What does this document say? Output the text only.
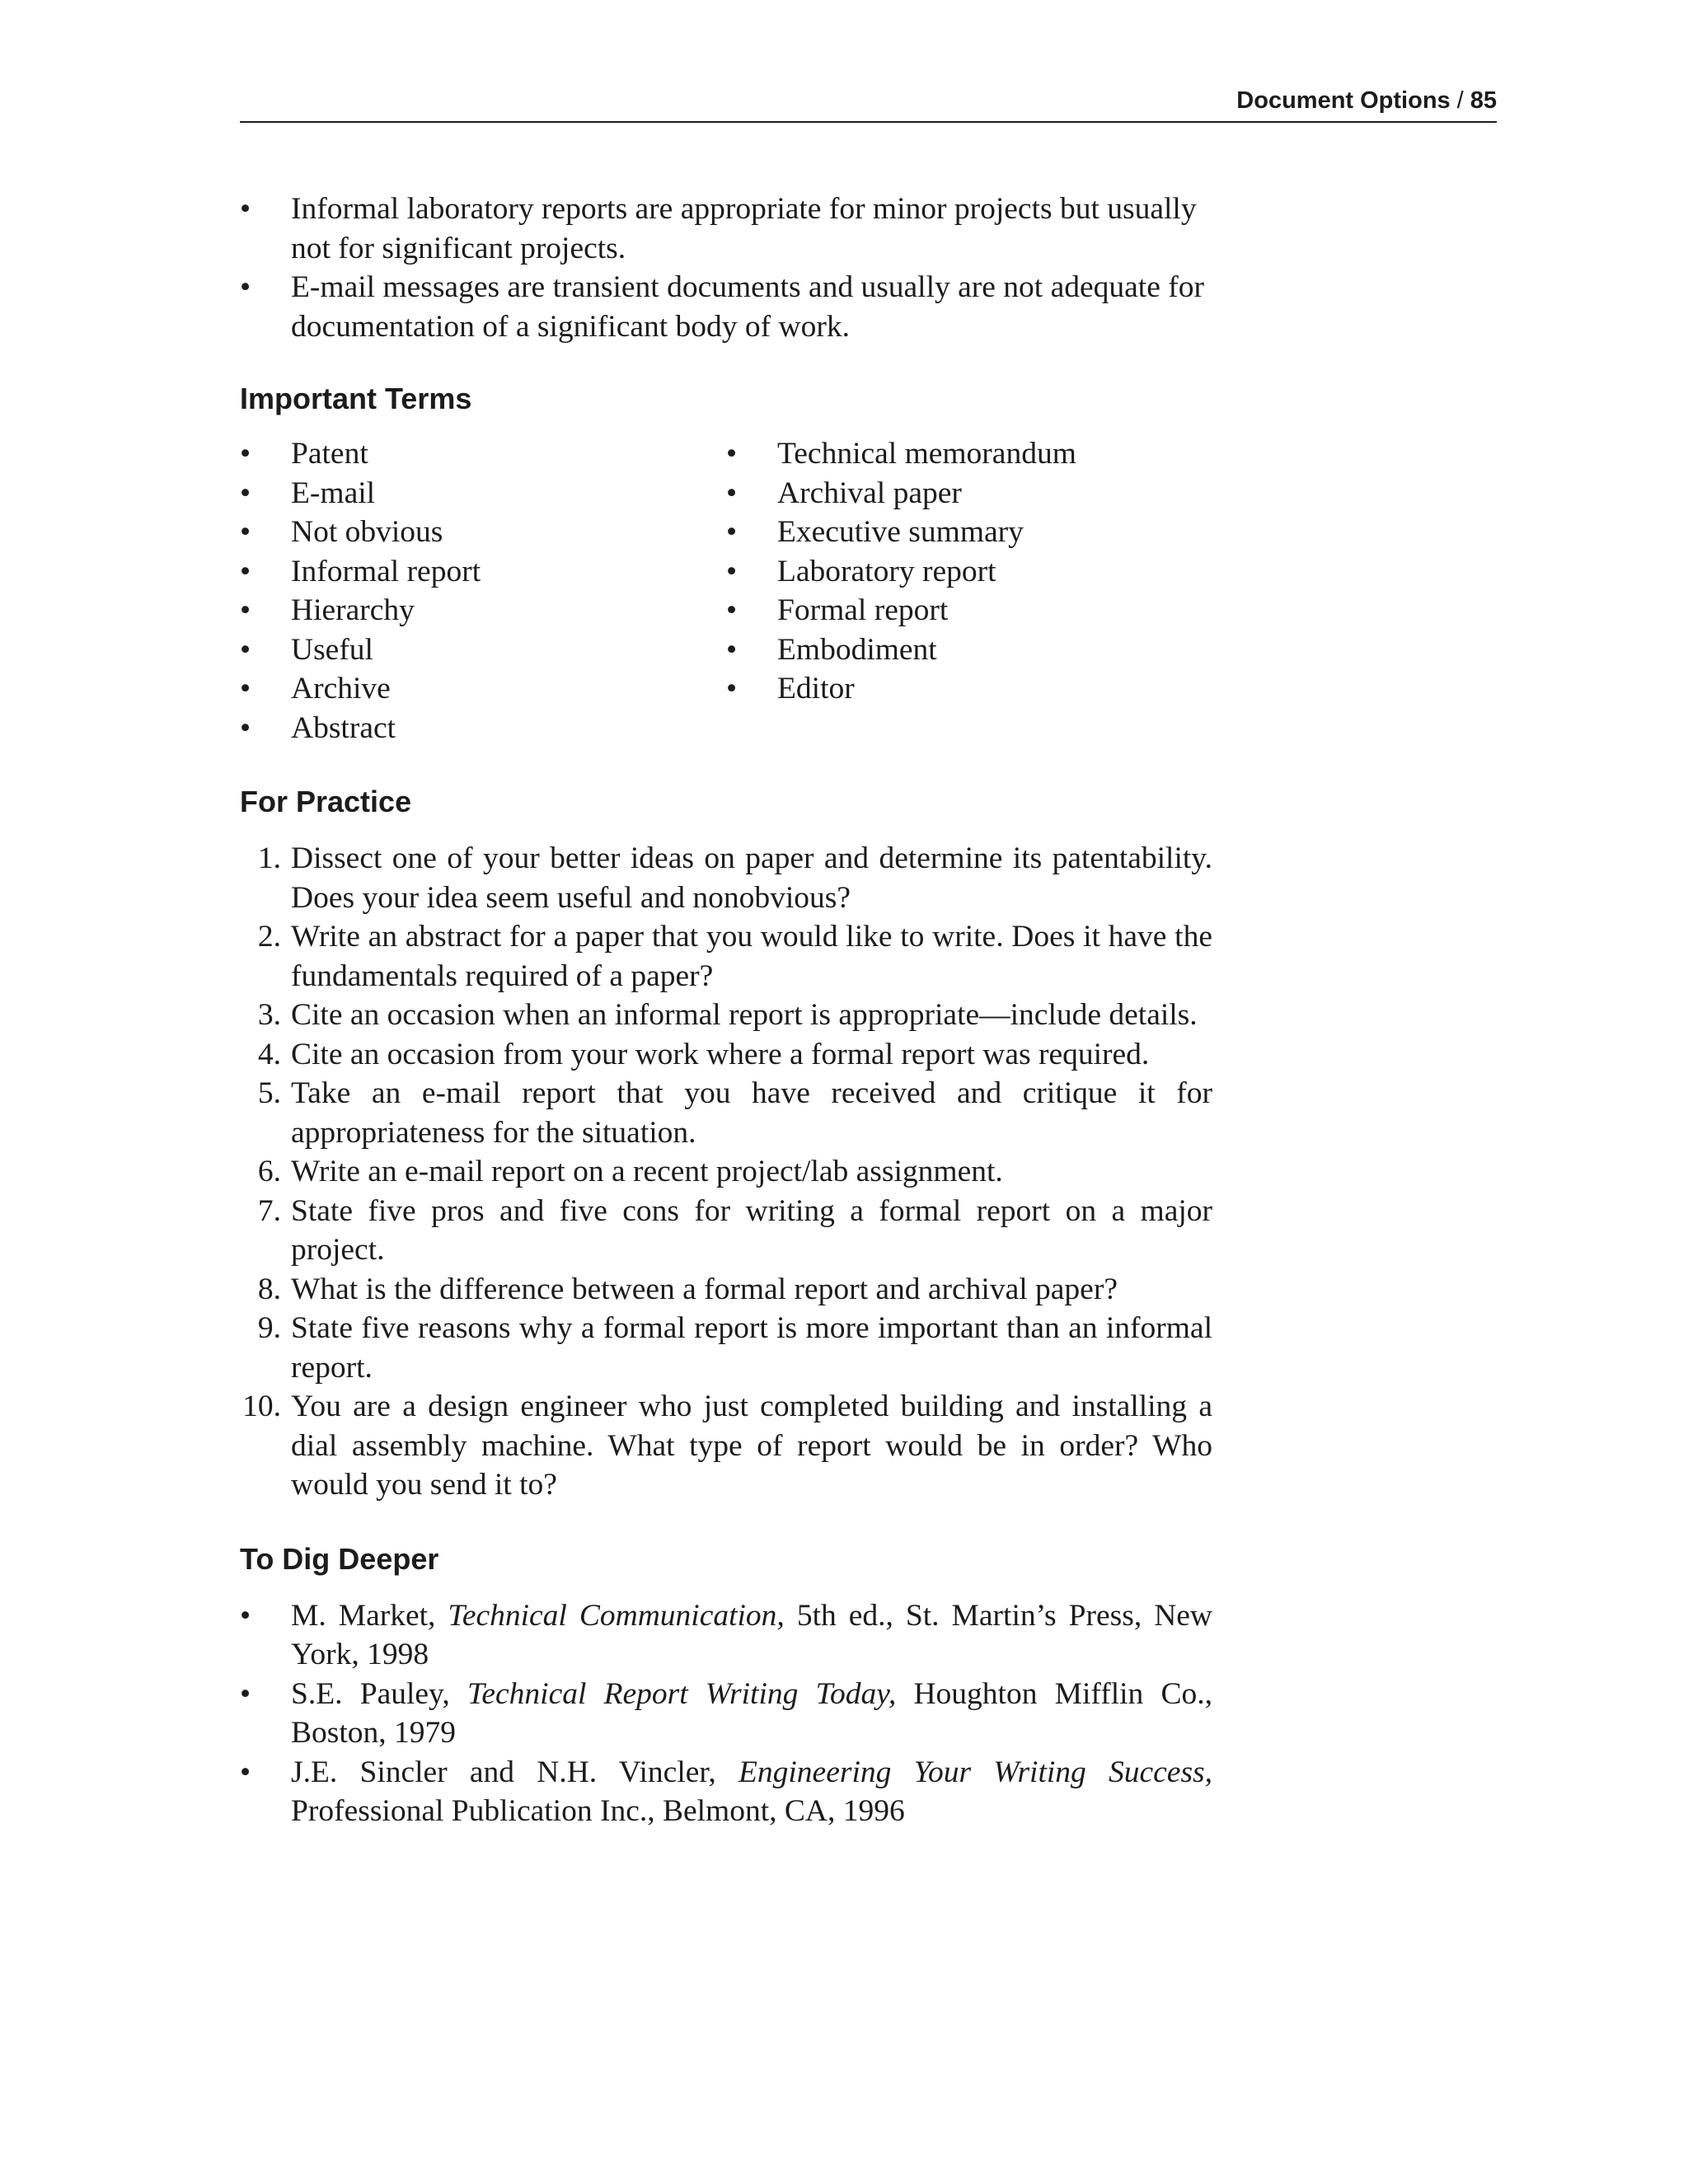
Document Options / 85
• Informal laboratory reports are appropriate for minor projects but usually not for significant projects.
• E-mail messages are transient documents and usually are not adequate for documentation of a significant body of work.
Important Terms
• Patent
• E-mail
• Not obvious
• Informal report
• Hierarchy
• Useful
• Archive
• Abstract
• Technical memorandum
• Archival paper
• Executive summary
• Laboratory report
• Formal report
• Embodiment
• Editor
For Practice
1. Dissect one of your better ideas on paper and determine its patentability. Does your idea seem useful and nonobvious?
2. Write an abstract for a paper that you would like to write. Does it have the fundamentals required of a paper?
3. Cite an occasion when an informal report is appropriate—include details.
4. Cite an occasion from your work where a formal report was required.
5. Take an e-mail report that you have received and critique it for appropriateness for the situation.
6. Write an e-mail report on a recent project/lab assignment.
7. State five pros and five cons for writing a formal report on a major project.
8. What is the difference between a formal report and archival paper?
9. State five reasons why a formal report is more important than an informal report.
10. You are a design engineer who just completed building and installing a dial assembly machine. What type of report would be in order? Who would you send it to?
To Dig Deeper
• M. Market, Technical Communication, 5th ed., St. Martin’s Press, New York, 1998
• S.E. Pauley, Technical Report Writing Today, Houghton Mifflin Co., Boston, 1979
• J.E. Sincler and N.H. Vincler, Engineering Your Writing Success, Professional Publication Inc., Belmont, CA, 1996
